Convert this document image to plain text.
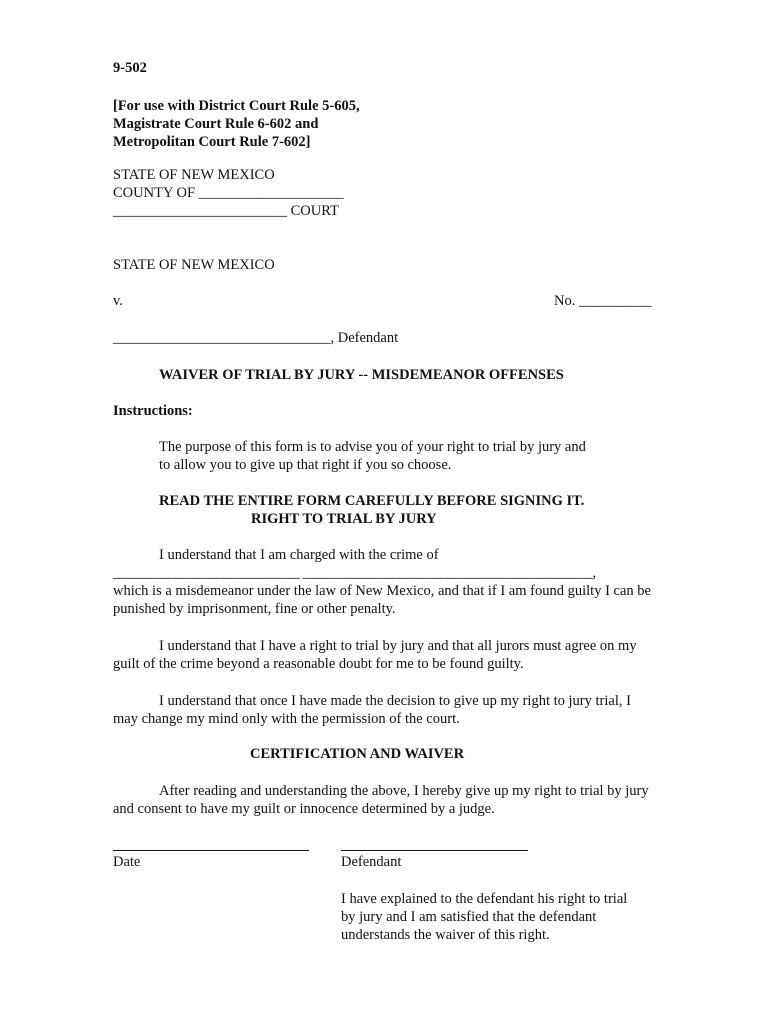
9-502
[For use with District Court Rule 5-605,
Magistrate Court Rule 6-602 and
Metropolitan Court Rule 7-602]
STATE OF NEW MEXICO
COUNTY OF ____________________
________________________ COURT
STATE OF NEW MEXICO
v.	No. __________
______________________________, Defendant
WAIVER OF TRIAL BY JURY -- MISDEMEANOR OFFENSES
Instructions:
The purpose of this form is to advise you of your right to trial by jury and
to allow you to give up that right if you so choose.
READ THE ENTIRE FORM CAREFULLY BEFORE SIGNING IT.
RIGHT TO TRIAL BY JURY
I understand that I am charged with the crime of
___________________________ __________________________________________,
which is a misdemeanor under the law of New Mexico, and that if I am found guilty I can be punished by imprisonment, fine or other penalty.
I understand that I have a right to trial by jury and that all jurors must agree on my guilt of the crime beyond a reasonable doubt for me to be found guilty.
I understand that once I have made the decision to give up my right to jury trial, I may change my mind only with the permission of the court.
CERTIFICATION AND WAIVER
After reading and understanding the above, I hereby give up my right to trial by jury and consent to have my guilt or innocence determined by a judge.
Date	Defendant
I have explained to the defendant his right to trial
by jury and I am satisfied that the defendant
understands the waiver of this right.
